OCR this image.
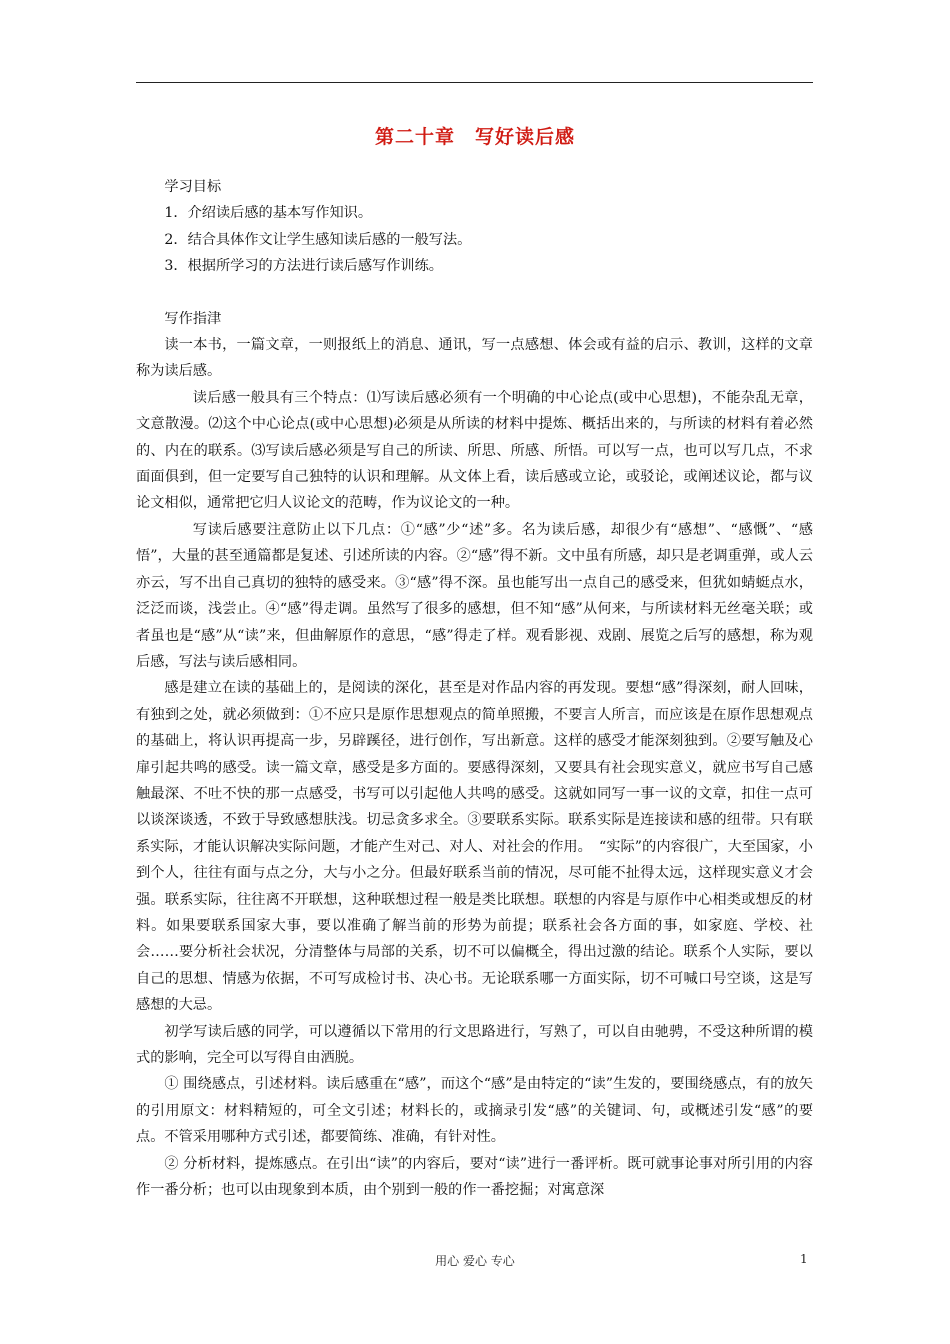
第二十章　写好读后感

学习目标

1．介绍读后感的基本写作知识。

2．结合具体作文让学生感知读后感的一般写法。

3．根据所学习的方法进行读后感写作训练。

写作指津

读一本书，一篇文章，一则报纸上的消息、通讯，写一点感想、体会或有益的启示、教训，这样的文章称为读后感。

读后感一般具有三个特点：⑴写读后感必须有一个明确的中心论点(或中心思想)，不能杂乱无章，文意散漫。⑵这个中心论点(或中心思想)必须是从所读的材料中提炼、概括出来的，与所读的材料有着必然的、内在的联系。⑶写读后感必须是写自己的所读、所思、所感、所悟。可以写一点，也可以写几点，不求面面俱到，但一定要写自己独特的认识和理解。从文体上看，读后感或立论，或驳论，或阐述议论，都与议论文相似，通常把它归人议论文的范畴，作为议论文的一种。

写读后感要注意防止以下几点：①“感”少“述”多。名为读后感，却很少有“感想”、“感慨”、“感悟”，大量的甚至通篇都是复述、引述所读的内容。②“感”得不新。文中虽有所感，却只是老调重弹，或人云亦云，写不出自己真切的独特的感受来。③“感”得不深。虽也能写出一点自己的感受来，但犹如蜻蜓点水，泛泛而谈，浅尝止。④“感”得走调。虽然写了很多的感想，但不知“感”从何来，与所读材料无丝毫关联；或者虽也是“感”从“读”来，但曲解原作的意思，“感”得走了样。观看影视、戏剧、展览之后写的感想，称为观后感，写法与读后感相同。

感是建立在读的基础上的，是阅读的深化，甚至是对作品内容的再发现。要想“感”得深刻，耐人回味，有独到之处，就必须做到：①不应只是原作思想观点的简单照搬，不要言人所言，而应该是在原作思想观点的基础上，将认识再提高一步，另辟蹊径，进行创作，写出新意。这样的感受才能深刻独到。②要写触及心扉引起共鸣的感受。读一篇文章，感受是多方面的。要感得深刻，又要具有社会现实意义，就应书写自己感触最深、不吐不快的那一点感受，书写可以引起他人共鸣的感受。这就如同写一事一议的文章，扣住一点可以谈深谈透，不致于导致感想肤浅。切忌贪多求全。③要联系实际。联系实际是连接读和感的纽带。只有联系实际，才能认识解决实际问题，才能产生对己、对人、对社会的作用。　“实际”的内容很广，大至国家，小到个人，往往有面与点之分，大与小之分。但最好联系当前的情况，尽可能不扯得太远，这样现实意义才会强。联系实际，往往离不开联想，这种联想过程一般是类比联想。联想的内容是与原作中心相类或想反的材料。如果要联系国家大事，要以准确了解当前的形势为前提；联系社会各方面的事，如家庭、学校、社会……要分析社会状况，分清整体与局部的关系，切不可以偏概全，得出过激的结论。联系个人实际，要以自己的思想、情感为依据，不可写成检讨书、决心书。无论联系哪一方面实际，切不可喊口号空谈，这是写感想的大忌。

初学写读后感的同学，可以遵循以下常用的行文思路进行，写熟了，可以自由驰骋，不受这种所谓的模式的影响，完全可以写得自由洒脱。

① 围绕感点，引述材料。读后感重在“感”，而这个“感”是由特定的“读”生发的，要围绕感点，有的放矢的引用原文：材料精短的，可全文引述；材料长的，或摘录引发“感”的关键词、句，或概述引发“感”的要点。不管采用哪种方式引述，都要简练、准确，有针对性。

② 分析材料，提炼感点。在引出“读”的内容后，要对“读”进行一番评析。既可就事论事对所引用的内容作一番分析；也可以由现象到本质，由个别到一般的作一番挖掘；对寓意深

用心 爱心 专心	1
